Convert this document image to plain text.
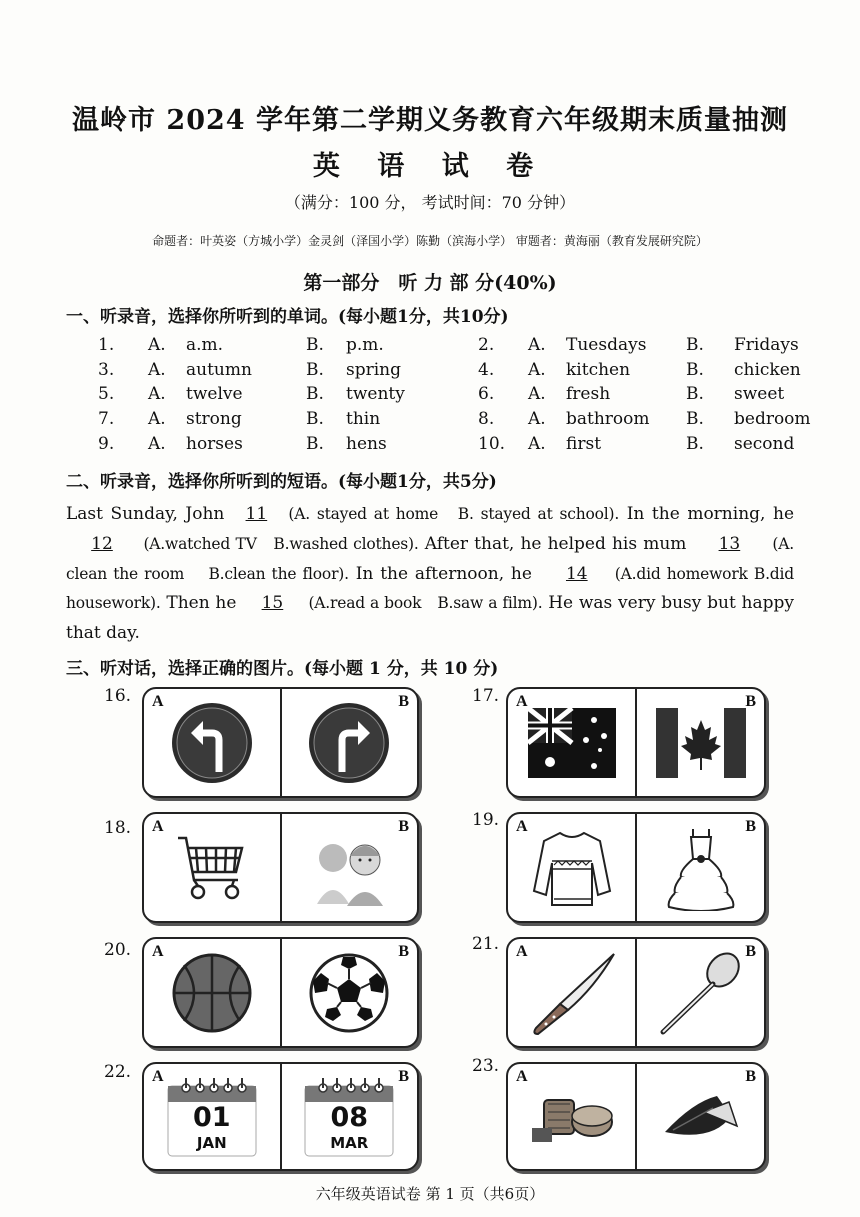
温岭市 2024 学年第二学期义务教育六年级期末质量抽测
英 语 试 卷
（满分：100 分， 考试时间：70 分钟）
命题者：叶英姿（方城小学）金灵剑（泽国小学）陈勤（滨海小学） 审题者：黄海丽（教育发展研究院）
第一部分　听 力 部 分(40%)
一、听录音，选择你所听到的单词。(每小题1分，共10分)
1.	A.	a.m.	B.	p.m.	2.	A.	Tuesdays	B.	Fridays
3.	A.	autumn	B.	spring	4.	A.	kitchen	B.	chicken
5.	A.	twelve	B.	twenty	6.	A.	fresh	B.	sweet
7.	A.	strong	B.	thin	8.	A.	bathroom	B.	bedroom
9.	A.	horses	B.	hens	10.	A.	first	B.	second
二、听录音，选择你所听到的短语。(每小题1分，共5分)
Last Sunday, John 11 (A. stayed at home　B. stayed at school). In the morning, he 12 (A.watched TV　B.washed clothes). After that, he helped his mum 13 (A. clean the room　 B.clean the floor). In the afternoon, he 14 (A.did homework B.did housework). Then he 15 (A.read a book　B.saw a film). He was very busy but happy that day.
三、听对话，选择正确的图片。(每小题 1 分，共 10 分)
16. A	B	17. A	B
18. A	B	19. A	B
20. A	B	21. A	B
22. A
01
JAN
B
08
MAR
23.
A	B
六年级英语试卷 第 1 页（共6页）
